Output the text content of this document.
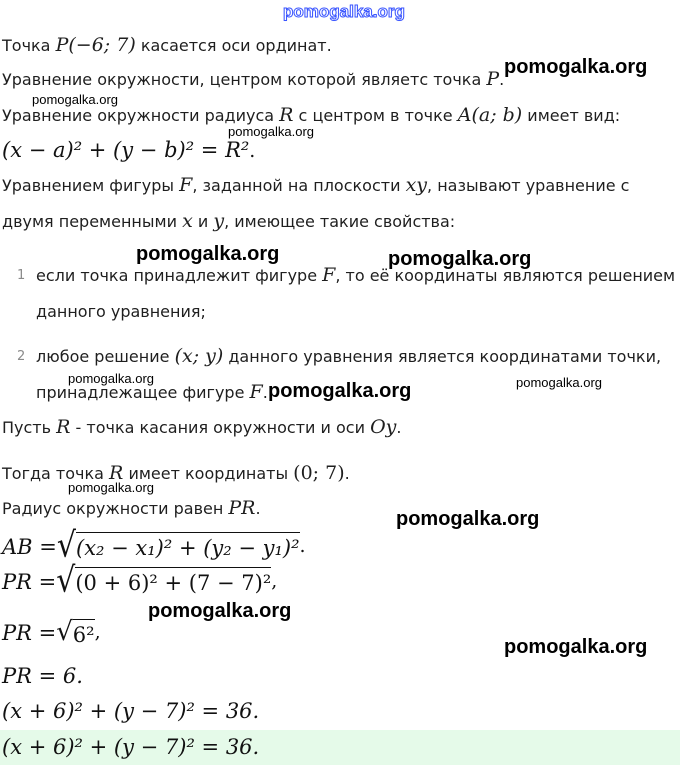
pomogalka.org
Точка P(−6; 7) касается оси ординат.
Уравнение окружности, центром которой являетс точка P.
Уравнение окружности радиуса R с центром в точке A(a; b) имеет вид:
(x − a)² + (y − b)² = R².
Уравнением фигуры F, заданной на плоскости xy, называют уравнение с
двумя переменными x и y, имеющее такие свойства:
1 если точка принадлежит фигуре F, то её координаты являются решением
данного уравнения;
2 любое решение (x; y) данного уравнения является координатами точки,
принадлежащее фигуре F.
Пусть R - точка касания окружности и оси Oy.
Тогда точка R имеет координаты (0; 7).
Радиус окружности равен PR.
AB =√(x₂ − x₁)² + (y₂ − y₁)².
PR =√(0 + 6)² + (7 − 7)²,
PR =√6²,
PR = 6.
(x + 6)² + (y − 7)² = 36.
(x + 6)² + (y − 7)² = 36.
pomogalka.org
pomogalka.org
pomogalka.org
pomogalka.org	pomogalka.org
pomogalka.org
pomogalka.org	pomogalka.org
pomogalka.org
pomogalka.org
pomogalka.org
pomogalka.org
